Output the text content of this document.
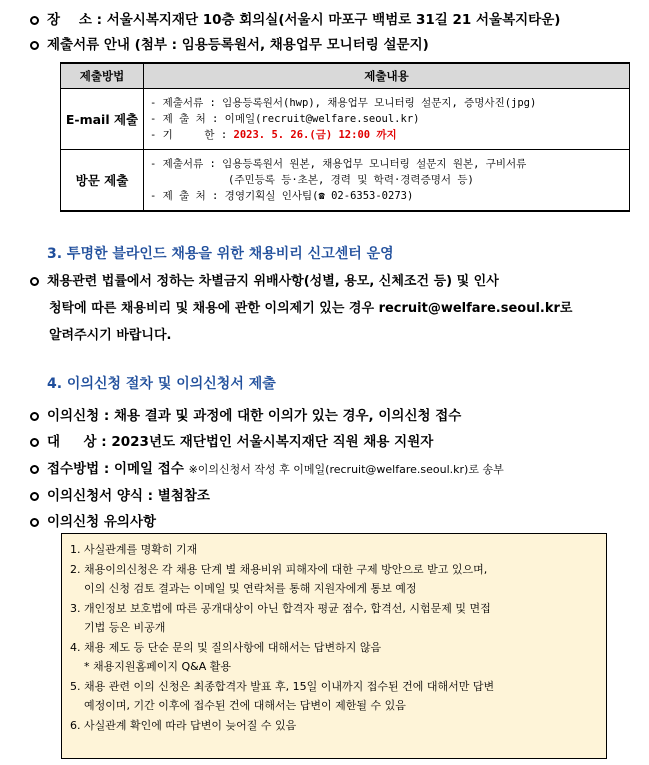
장    소 : 서울시복지재단 10층 회의실(서울시 마포구 백범로 31길 21 서울복지타운)
제출서류 안내 (첨부 : 임용등록원서, 채용업무 모니터링 설문지)
제출방법	제출내용
E-mail 제출	- 제출서류 : 임용등록원서(hwp), 채용업무 모니터링 설문지, 증명사진(jpg)
- 제 출 처 : 이메일(recruit@welfare.seoul.kr)
- 기     한 : 2023. 5. 26.(금) 12:00 까지

방문 제출	- 제출서류 : 임용등록원서 원본, 채용업무 모니터링 설문지 원본, 구비서류
(주민등록 등·초본, 경력 및 학력·경력증명서 등)
- 제 출 처 : 경영기획실 인사팀(☎ 02-6353-0273)
3. 투명한 블라인드 채용을 위한 채용비리 신고센터 운영
채용관련 법률에서 정하는 차별금지 위배사항(성별, 용모, 신체조건 등) 및 인사
청탁에 따른 채용비리 및 채용에 관한 이의제기 있는 경우 recruit@welfare.seoul.kr로
알려주시기 바랍니다.
4. 이의신청 절차 및 이의신청서 제출
이의신청 : 채용 결과 및 과정에 대한 이의가 있는 경우, 이의신청 접수
대     상 : 2023년도 재단법인 서울시복지재단 직원 채용 지원자
접수방법 : 이메일 접수 ※이의신청서 작성 후 이메일(recruit@welfare.seoul.kr)로 송부
이의신청서 양식 : 별첨참조
이의신청 유의사항
1. 사실관계를 명확히 기재
2. 채용이의신청은 각 채용 단계 별 채용비위 피해자에 대한 구제 방안으로 받고 있으며,
이의 신청 검토 결과는 이메일 및 연락처를 통해 지원자에게 통보 예정
3. 개인정보 보호법에 따른 공개대상이 아닌 합격자 평균 점수, 합격선, 시험문제 및 면접
기법 등은 비공개
4. 채용 제도 등 단순 문의 및 질의사항에 대해서는 답변하지 않음
* 채용지원홈페이지 Q&A 활용
5. 채용 관련 이의 신청은 최종합격자 발표 후, 15일 이내까지 접수된 건에 대해서만 답변
예정이며, 기간 이후에 접수된 건에 대해서는 답변이 제한될 수 있음
6. 사실관계 확인에 따라 답변이 늦어질 수 있음
